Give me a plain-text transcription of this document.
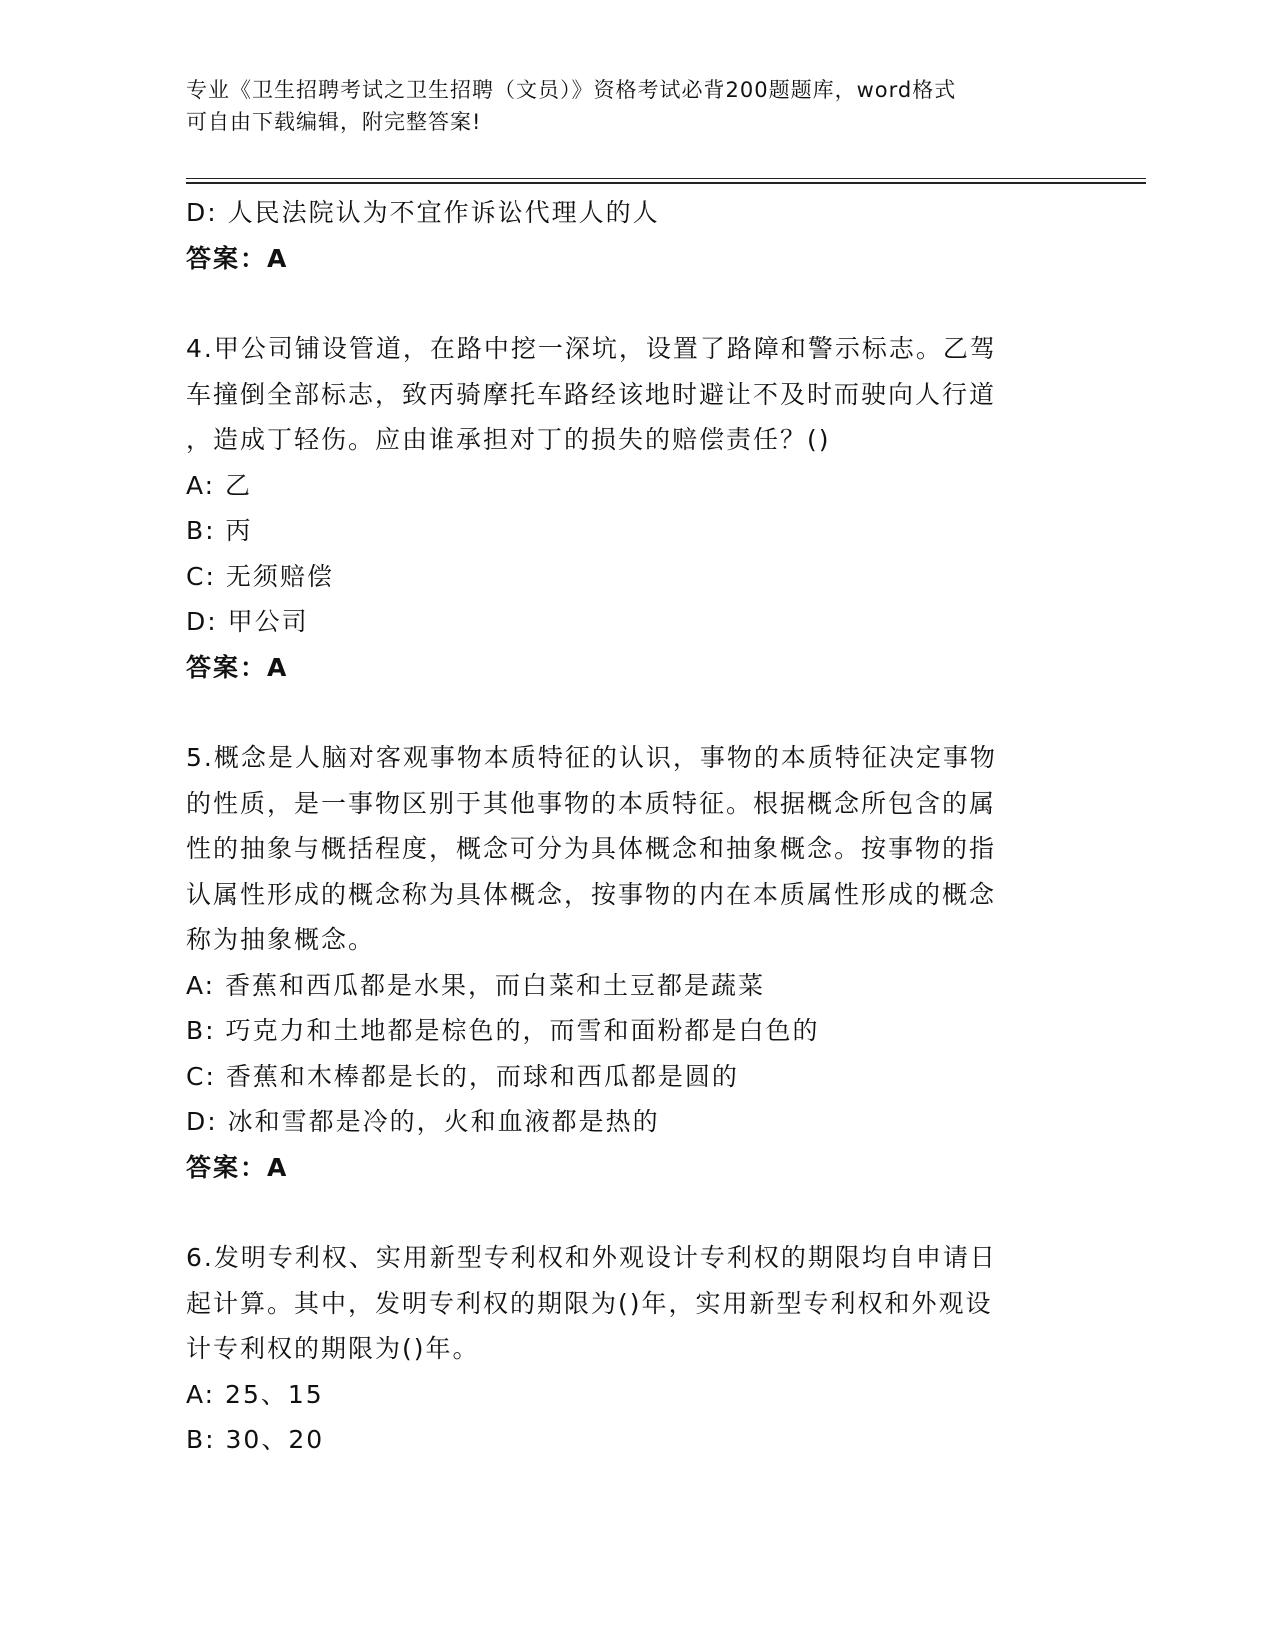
专业《卫生招聘考试之卫生招聘（文员）》资格考试必背200题题库，word格式
可自由下载编辑，附完整答案!
D: 人民法院认为不宜作诉讼代理人的人
答案：A
4.甲公司铺设管道，在路中挖一深坑，设置了路障和警示标志。乙驾
车撞倒全部标志，致丙骑摩托车路经该地时避让不及时而驶向人行道
，造成丁轻伤。应由谁承担对丁的损失的赔偿责任？()
A: 乙
B: 丙
C: 无须赔偿
D: 甲公司
答案：A
5.概念是人脑对客观事物本质特征的认识，事物的本质特征决定事物
的性质，是一事物区别于其他事物的本质特征。根据概念所包含的属
性的抽象与概括程度，概念可分为具体概念和抽象概念。按事物的指
认属性形成的概念称为具体概念，按事物的内在本质属性形成的概念
称为抽象概念。
A: 香蕉和西瓜都是水果，而白菜和土豆都是蔬菜
B: 巧克力和土地都是棕色的，而雪和面粉都是白色的
C: 香蕉和木棒都是长的，而球和西瓜都是圆的
D: 冰和雪都是冷的，火和血液都是热的
答案：A
6.发明专利权、实用新型专利权和外观设计专利权的期限均自申请日
起计算。其中，发明专利权的期限为()年，实用新型专利权和外观设
计专利权的期限为()年。
A: 25、15
B: 30、20
